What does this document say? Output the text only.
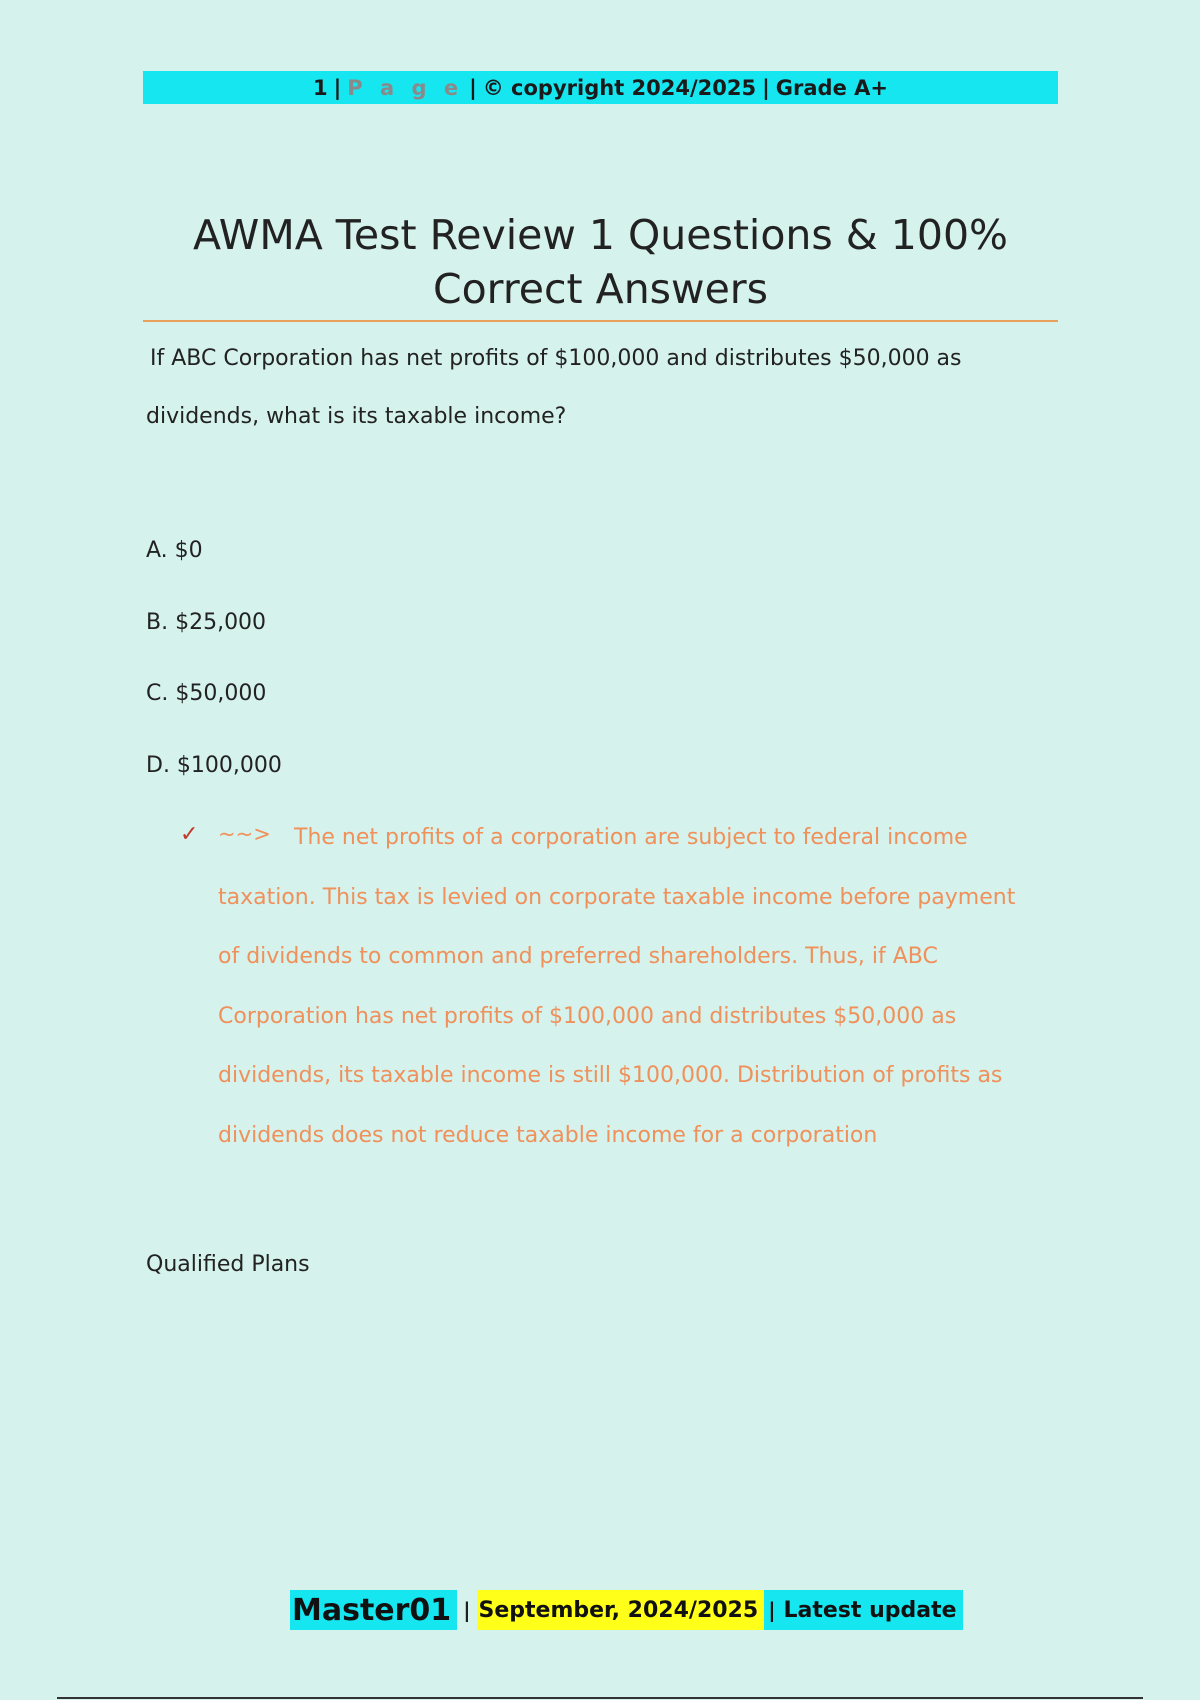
1 | P a g e | © copyright 2024/2025 | Grade A+
AWMA Test Review 1 Questions & 100% Correct Answers
If ABC Corporation has net profits of $100,000 and distributes $50,000 as
dividends, what is its taxable income?
A. $0
B. $25,000
C. $50,000
D. $100,000
✓ ~~>	The net profits of a corporation are subject to federal income taxation. This tax is levied on corporate taxable income before payment of dividends to common and preferred shareholders. Thus, if ABC Corporation has net profits of $100,000 and distributes $50,000 as dividends, its taxable income is still $100,000. Distribution of profits as dividends does not reduce taxable income for a corporation
Qualified Plans
Master01 | September, 2024/2025 | Latest update
